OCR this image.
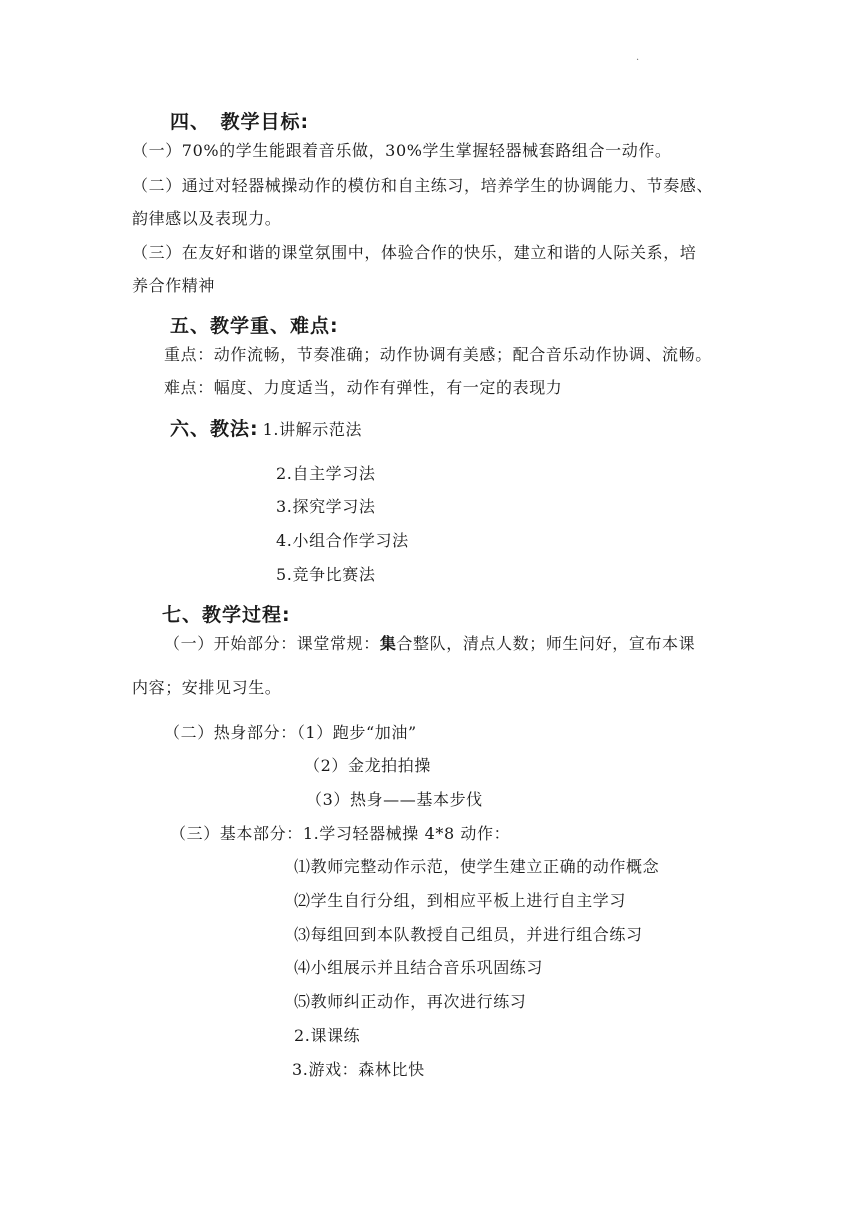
·
四、　教学目标:
（一）70%的学生能跟着音乐做，30%学生掌握轻器械套路组合一动作。
（二）通过对轻器械操动作的模仿和自主练习，培养学生的协调能力、节奏感、
韵律感以及表现力。
（三）在友好和谐的课堂氛围中，体验合作的快乐，建立和谐的人际关系，培
养合作精神
五、教学重、难点:
重点：动作流畅，节奏准确；动作协调有美感；配合音乐动作协调、流畅。
难点：幅度、力度适当，动作有弹性，有一定的表现力
六、教法: 1.讲解示范法
2.自主学习法
3.探究学习法
4.小组合作学习法
5.竞争比赛法
七、教学过程:
（一）开始部分：课堂常规：集合整队，清点人数；师生问好，宣布本课
内容；安排见习生。
（二）热身部分：（1）跑步“加油”
（2）金龙拍拍操
（3）热身——基本步伐
（三）基本部分：1.学习轻器械操 4*8 动作：
⑴教师完整动作示范，使学生建立正确的动作概念
⑵学生自行分组，到相应平板上进行自主学习
⑶每组回到本队教授自己组员，并进行组合练习
⑷小组展示并且结合音乐巩固练习
⑸教师纠正动作，再次进行练习
2.课课练
3.游戏：森林比快
